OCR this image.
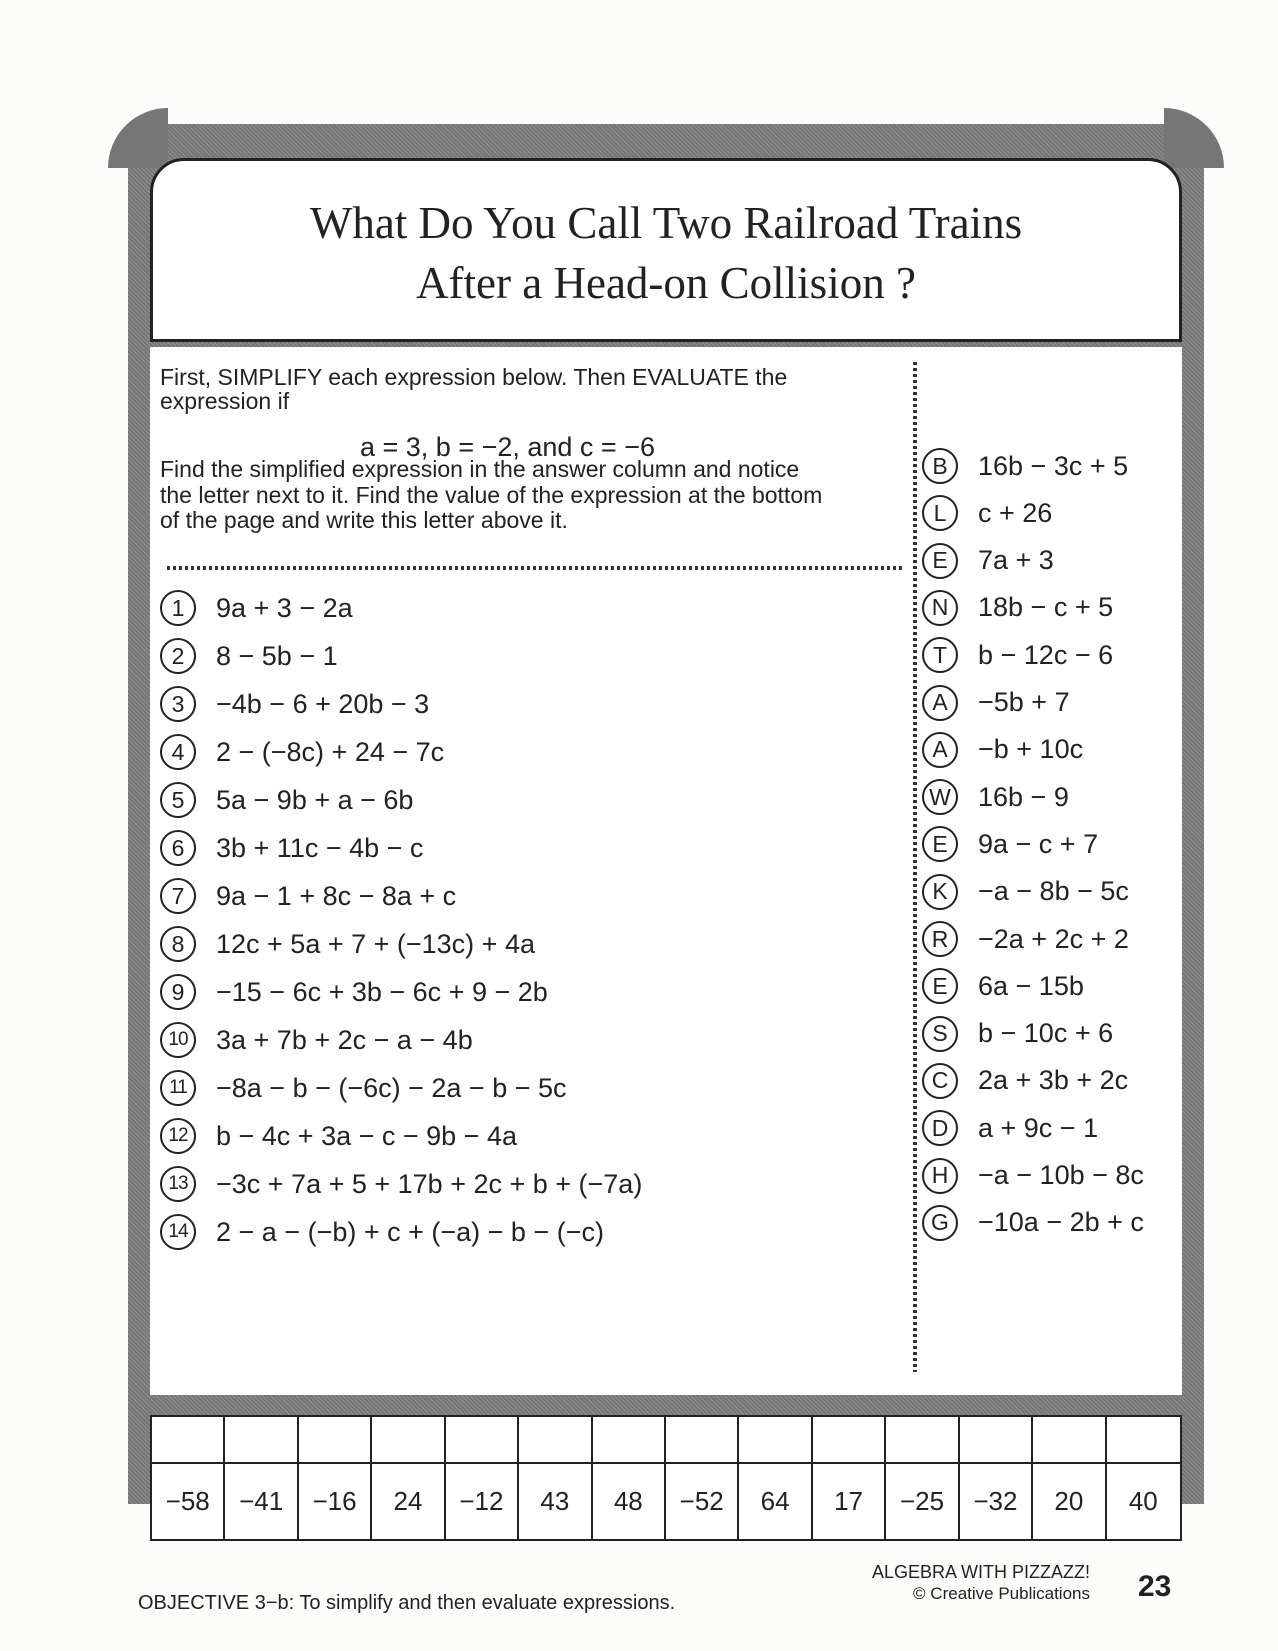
What Do You Call Two Railroad Trains
After a Head-on Collision ?
First, SIMPLIFY each expression below. Then EVALUATE the
expression if
a = 3, b = −2, and c = −6
Find the simplified expression in the answer column and notice
the letter next to it. Find the value of the expression at the bottom
of the page and write this letter above it.
1	9a + 3 − 2a
2	8 − 5b − 1
3	−4b − 6 + 20b − 3
4	2 − (−8c) + 24 − 7c
5	5a − 9b + a − 6b
6	3b + 11c − 4b − c
7	9a − 1 + 8c − 8a + c
8	12c + 5a + 7 + (−13c) + 4a
9	−15 − 6c + 3b − 6c + 9 − 2b
10	3a + 7b + 2c − a − 4b
11	−8a − b − (−6c) − 2a − b − 5c
12	b − 4c + 3a − c − 9b − 4a
13	−3c + 7a + 5 + 17b + 2c + b + (−7a)
14	2 − a − (−b) + c + (−a) − b − (−c)
B	16b − 3c + 5
L	c + 26
E	7a + 3
N	18b − c + 5
T	b − 12c − 6
A	−5b + 7
A	−b + 10c
W 16b − 9
E	9a − c + 7
K	−a − 8b − 5c
R	−2a + 2c + 2
E	6a − 15b
S	b − 10c + 6
C	2a + 3b + 2c
D	a + 9c − 1
H	−a − 10b − 8c
G	−10a − 2b + c
−58	−41	−16	24	−12	43	48	−52	64	17	−25	−32	20	40
OBJECTIVE 3−b: To simplify and then evaluate expressions.
ALGEBRA WITH PIZZAZZ!
© Creative Publications 23
